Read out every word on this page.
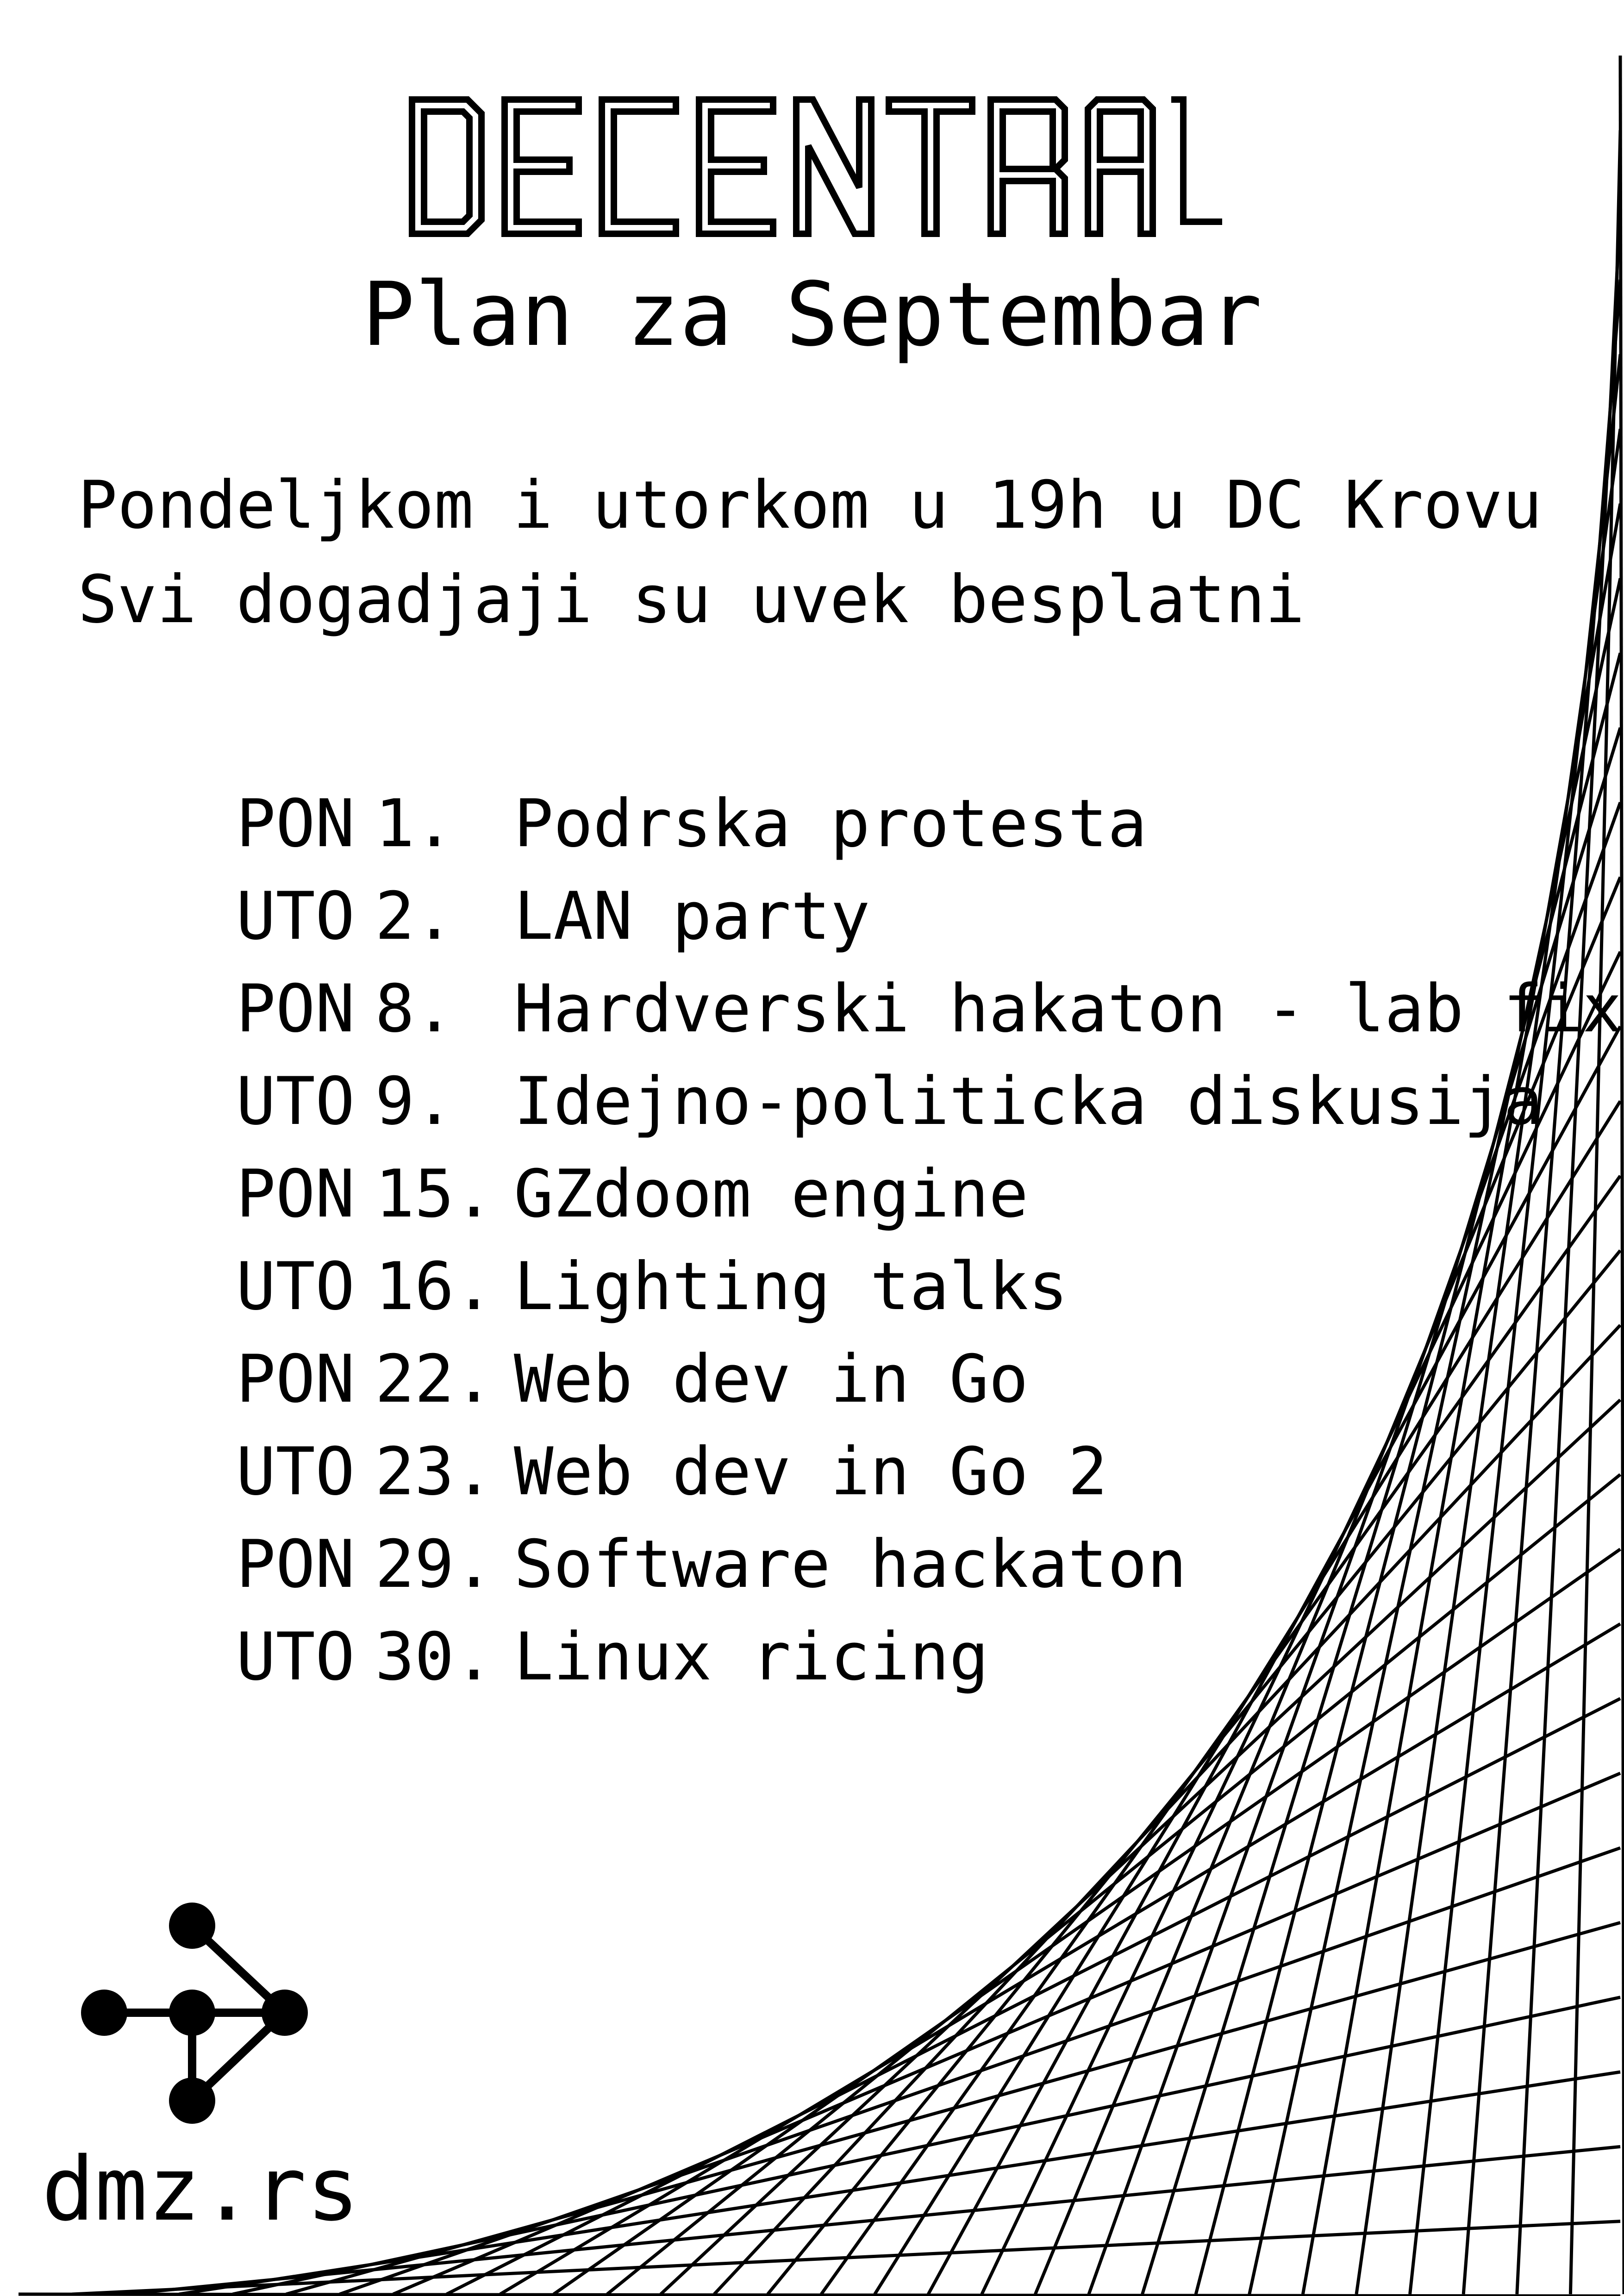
Plan za Septembar
Pondeljkom i utorkom u 19h u DC Krovu
Svi dogadjaji su uvek besplatni

PON 1. Podrska protesta

UTO 2. LAN party

PON 8. Hardverski hakaton - lab fix

UTO 9. Idejno-politicka diskusija

PON 15. GZdoom engine

UTO 16. Lighting talks

PON 22. Web dev in Go

UTO 23. Web dev in Go 2

PON 29. Software hackaton

UTO 30. Linux ricing

dmz.rs
